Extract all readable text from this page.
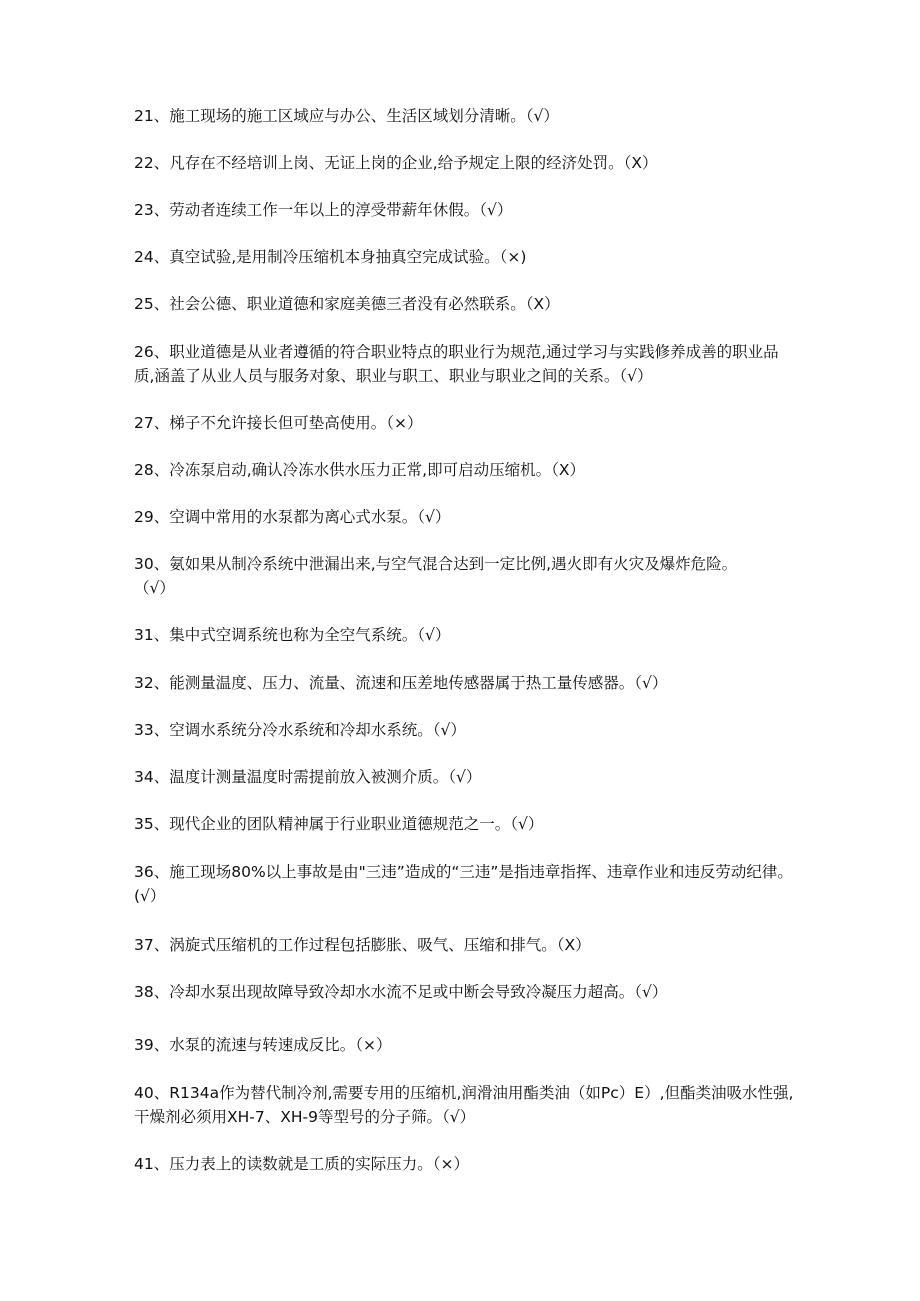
21、施工现场的施工区域应与办公、生活区域划分清晰。（√）

22、凡存在不经培训上岗、无证上岗的企业,给予规定上限的经济处罚。（X）

23、劳动者连续工作一年以上的淳受带薪年休假。（√）

24、真空试验,是用制冷压缩机本身抽真空完成试验。（×)

25、社会公德、职业道德和家庭美德三者没有必然联系。（X）

26、职业道德是从业者遵循的符合职业特点的职业行为规范,通过学习与实践修养成善的职业品质,涵盖了从业人员与服务对象、职业与职工、职业与职业之间的关系。（√）

27、梯子不允许接长但可垫高使用。（×）

28、冷冻泵启动,确认冷冻水供水压力正常,即可启动压缩机。（X）

29、空调中常用的水泵都为离心式水泵。（√）

30、氨如果从制冷系统中泄漏出来,与空气混合达到一定比例,遇火即有火灾及爆炸危险。
（√）

31、集中式空调系统也称为全空气系统。（√）

32、能测量温度、压力、流量、流速和压差地传感器属于热工量传感器。（√）

33、空调水系统分冷水系统和冷却水系统。（√）

34、温度计测量温度时需提前放入被测介质。（√）

35、现代企业的团队精神属于行业职业道德规范之一。（√）

36、施工现场80%以上事故是由"三违”造成的“三违”是指违章指挥、违章作业和违反劳动纪律。(√）

37、涡旋式压缩机的工作过程包括膨胀、吸气、压缩和排气。（X）

38、冷却水泵出现故障导致冷却水水流不足或中断会导致冷凝压力超高。（√）

39、水泵的流速与转速成反比。（×）

40、R134a作为替代制冷剂,需要专用的压缩机,润滑油用酯类油（如Pc）E）,但酯类油吸水性强,干燥剂必须用XH-7、XH-9等型号的分子筛。（√）

41、压力表上的读数就是工质的实际压力。（×）
